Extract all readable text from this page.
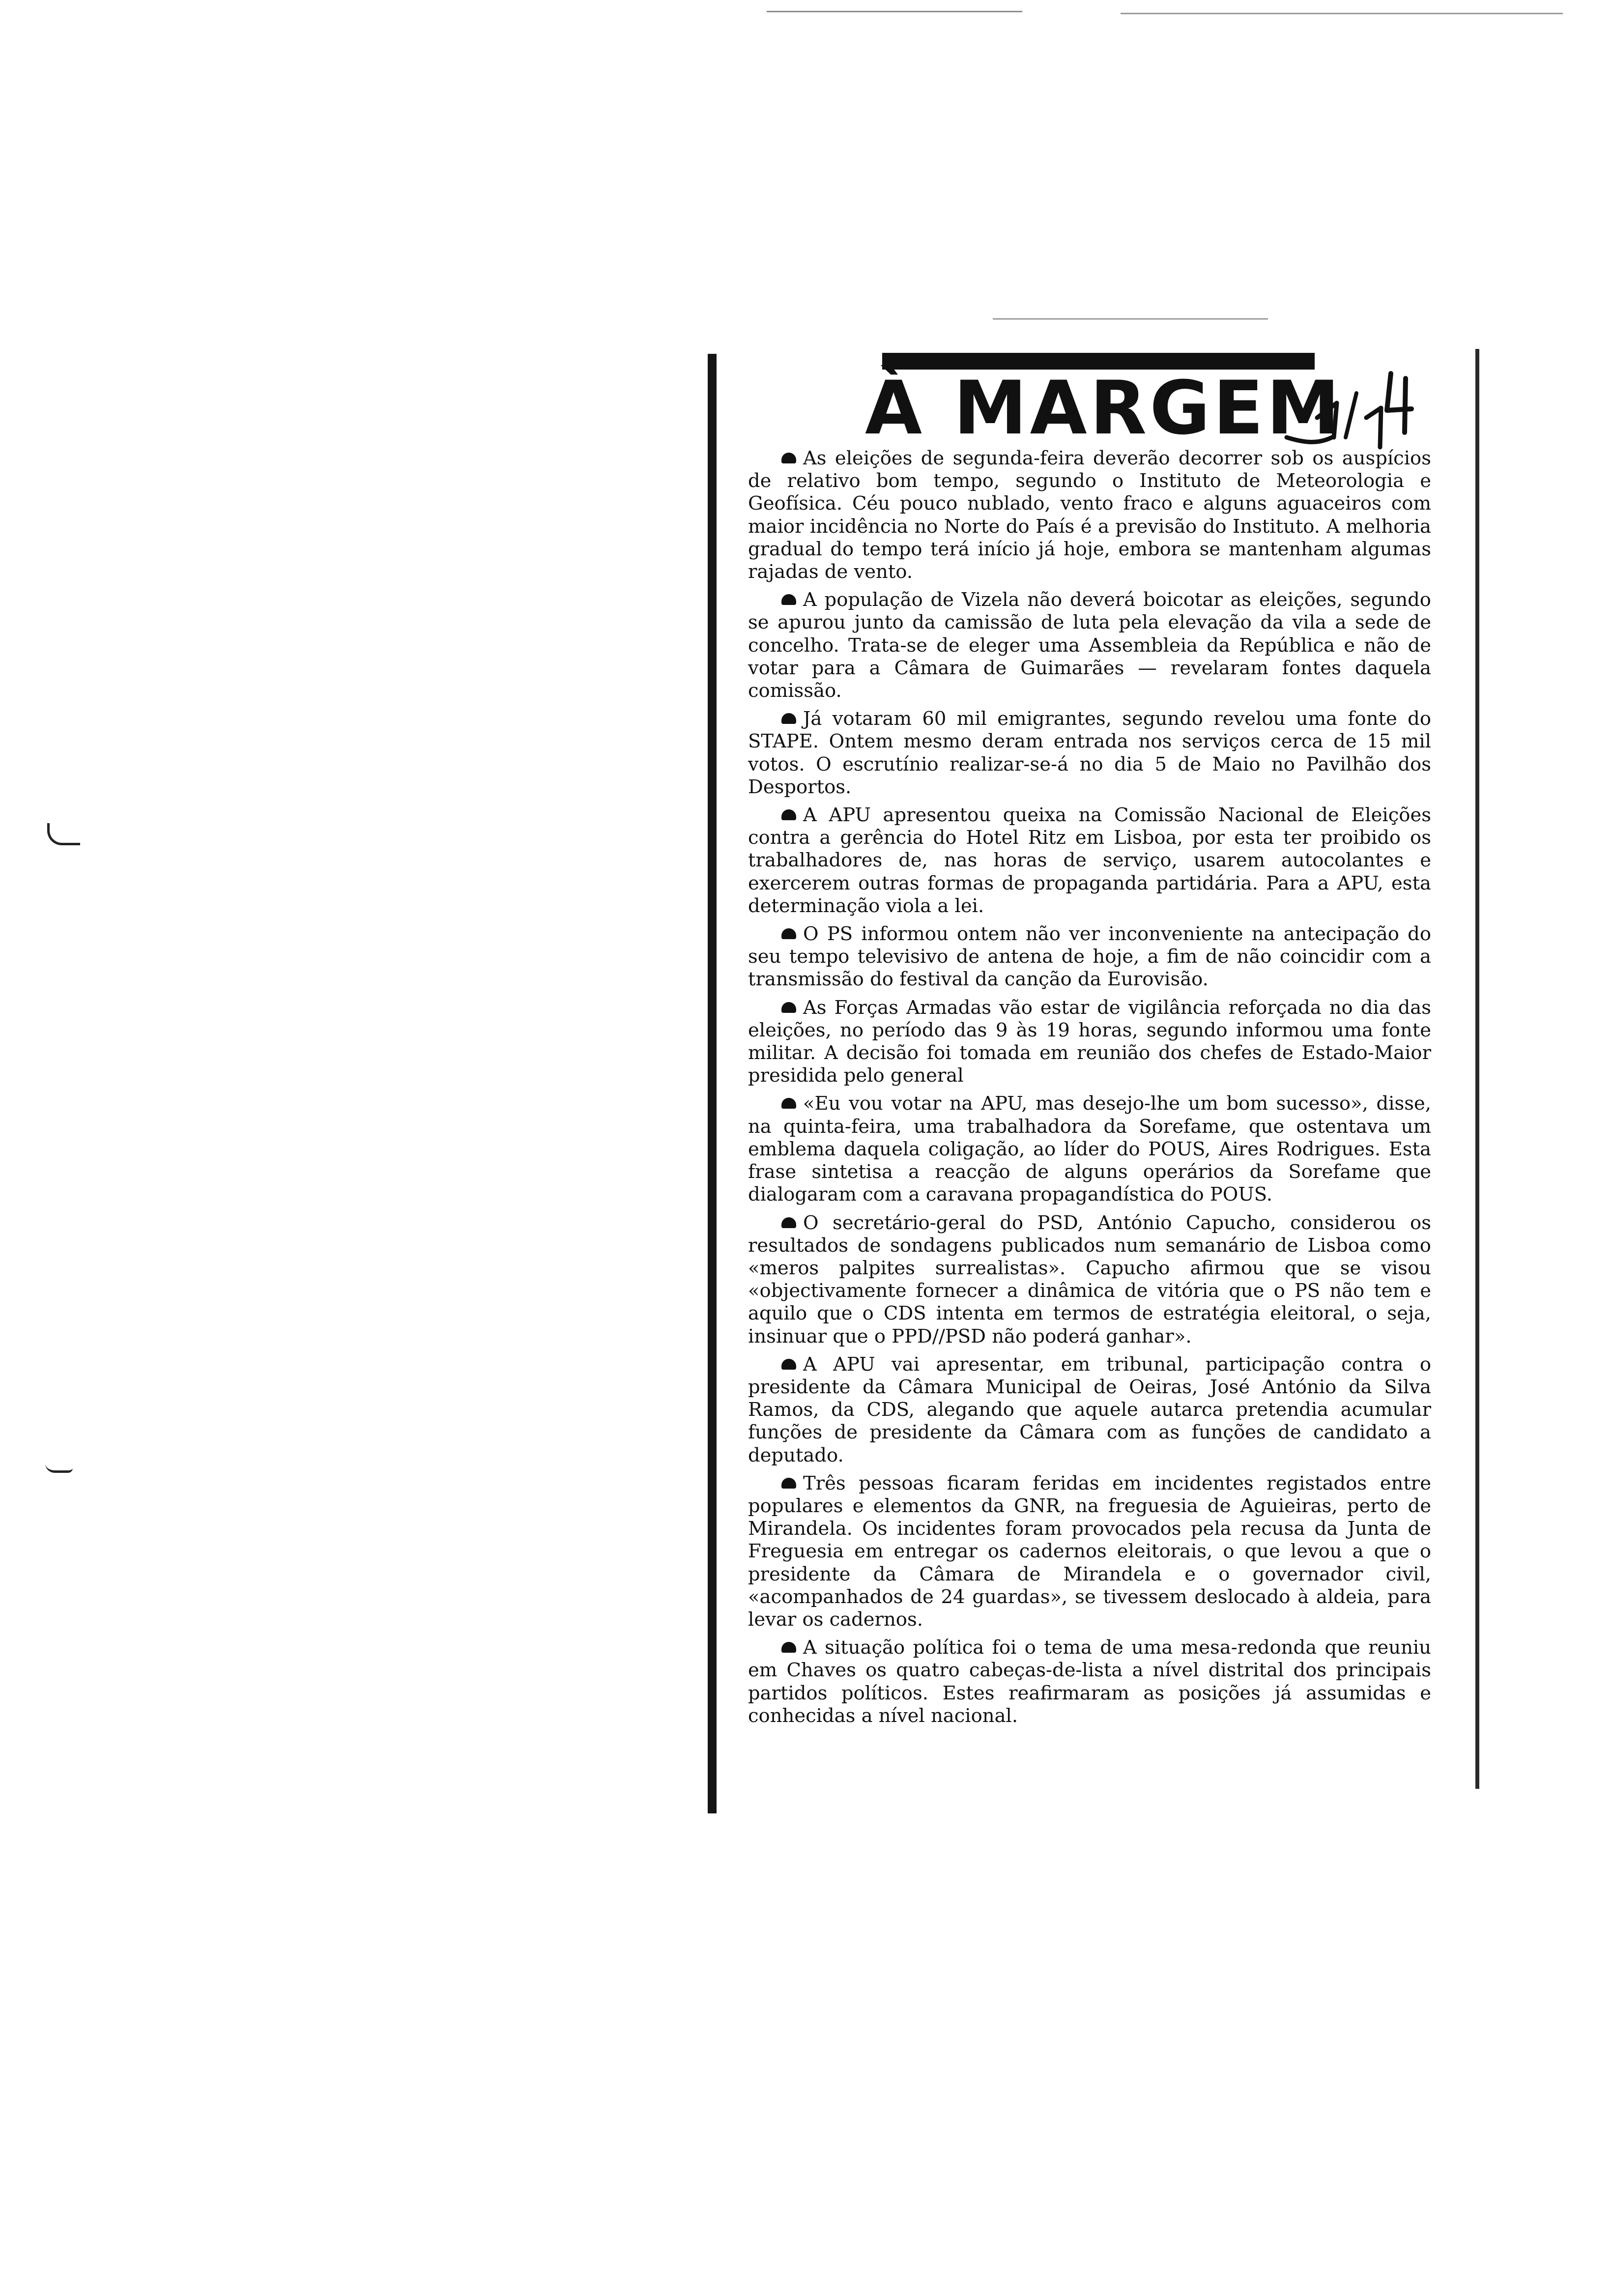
À MARGEM

As eleições de segunda-feira deverão decorrer sob os auspícios de relativo bom tempo, segundo o Instituto de Meteorologia e Geofísica. Céu pouco nublado, vento fraco e alguns aguaceiros com maior incidência no Norte do País é a previsão do Instituto. A melhoria gradual do tempo terá início já hoje, embora se mantenham algumas rajadas de vento.

A população de Vizela não deverá boicotar as eleições, segundo se apurou junto da camissão de luta pela elevação da vila a sede de concelho. Trata-se de eleger uma Assembleia da República e não de votar para a Câmara de Guimarães — revelaram fontes daquela comissão.

Já votaram 60 mil emigrantes, segundo revelou uma fonte do STAPE. Ontem mesmo deram entrada nos serviços cerca de 15 mil votos. O escrutínio realizar-se-á no dia 5 de Maio no Pavilhão dos Desportos.

A APU apresentou queixa na Comissão Nacional de Eleições contra a gerência do Hotel Ritz em Lisboa, por esta ter proibido os trabalhadores de, nas horas de serviço, usarem autocolantes e exercerem outras formas de propaganda partidária. Para a APU, esta determinação viola a lei.

O PS informou ontem não ver inconveniente na antecipação do seu tempo televisivo de antena de hoje, a fim de não coincidir com a transmissão do festival da canção da Eurovisão.

As Forças Armadas vão estar de vigilância reforçada no dia das eleições, no período das 9 às 19 horas, segundo informou uma fonte militar. A decisão foi tomada em reunião dos chefes de Estado-Maior presidida pelo general

«Eu vou votar na APU, mas desejo-lhe um bom sucesso», disse, na quinta-feira, uma trabalhadora da Sorefame, que ostentava um emblema daquela coligação, ao líder do POUS, Aires Rodrigues. Esta frase sintetisa a reacção de alguns operários da Sorefame que dialogaram com a caravana propagandística do POUS.

O secretário-geral do PSD, António Capucho, considerou os resultados de sondagens publicados num semanário de Lisboa como «meros palpites surrealistas». Capucho afirmou que se visou «objectivamente fornecer a dinâmica de vitória que o PS não tem e aquilo que o CDS intenta em termos de estratégia eleitoral, o seja, insinuar que o PPD//PSD não poderá ganhar».

A APU vai apresentar, em tribunal, participação contra o presidente da Câmara Municipal de Oeiras, José António da Silva Ramos, da CDS, alegando que aquele autarca pretendia acumular funções de presidente da Câmara com as funções de candidato a deputado.

Três pessoas ficaram feridas em incidentes registados entre populares e elementos da GNR, na freguesia de Aguieiras, perto de Mirandela. Os incidentes foram provocados pela recusa da Junta de Freguesia em entregar os cadernos eleitorais, o que levou a que o presidente da Câmara de Mirandela e o governador civil, «acompanhados de 24 guardas», se tivessem deslocado à aldeia, para levar os cadernos.

A situação política foi o tema de uma mesa-redonda que reuniu em Chaves os quatro cabeças-de-lista a nível distrital dos principais partidos políticos. Estes reafirmaram as posições já assumidas e conhecidas a nível nacional.
